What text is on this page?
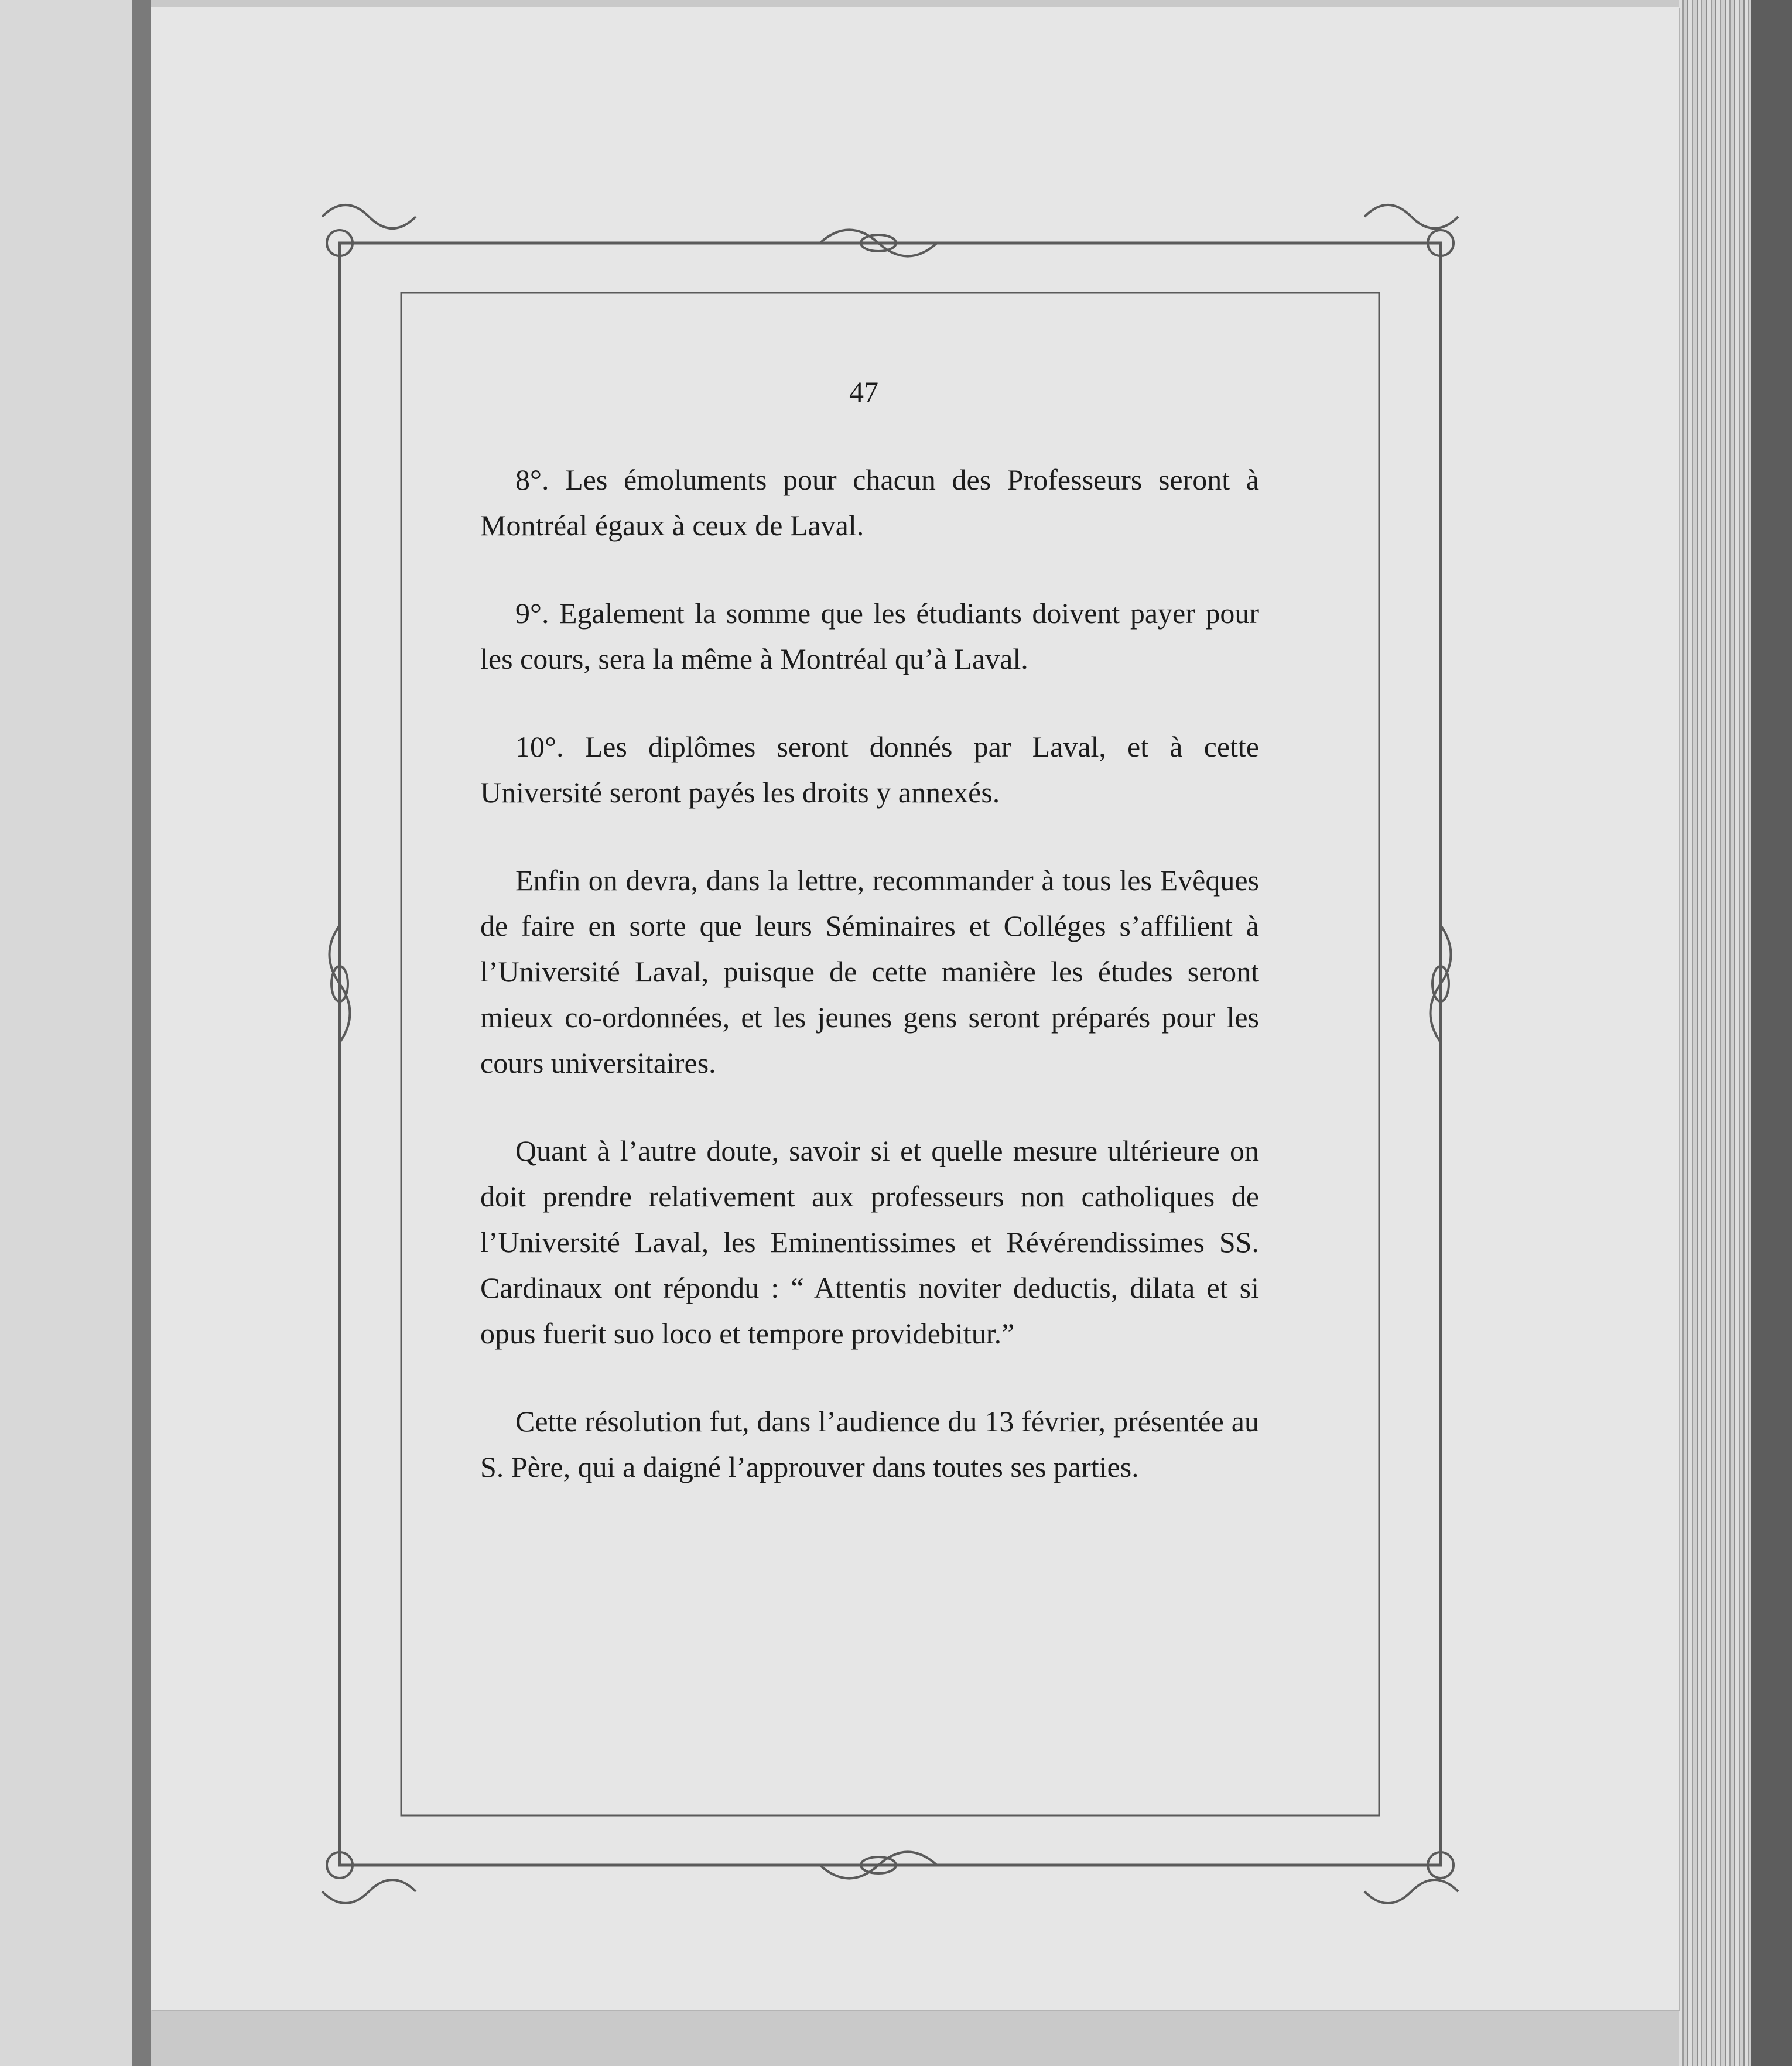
47

8°. Les émoluments pour chacun des Professeurs seront à Montréal égaux à ceux de Laval.

9°. Egalement la somme que les étudiants doivent payer pour les cours, sera la même à Montréal qu’à Laval.

10°. Les diplômes seront donnés par Laval, et à cette Université seront payés les droits y annexés.

Enfin on devra, dans la lettre, recommander à tous les Evêques de faire en sorte que leurs Séminaires et Colléges s’affilient à l’Université Laval, puisque de cette manière les études seront mieux co-ordonnées, et les jeunes gens seront préparés pour les cours universitaires.

Quant à l’autre doute, savoir si et quelle mesure ultérieure on doit prendre relativement aux professeurs non catholiques de l’Université Laval, les Eminentissimes et Révérendissimes SS. Cardinaux ont répondu : “ Attentis noviter deductis, dilata et si opus fuerit suo loco et tempore providebitur.”

Cette résolution fut, dans l’audience du 13 février, présentée au S. Père, qui a daigné l’approuver dans toutes ses parties.
